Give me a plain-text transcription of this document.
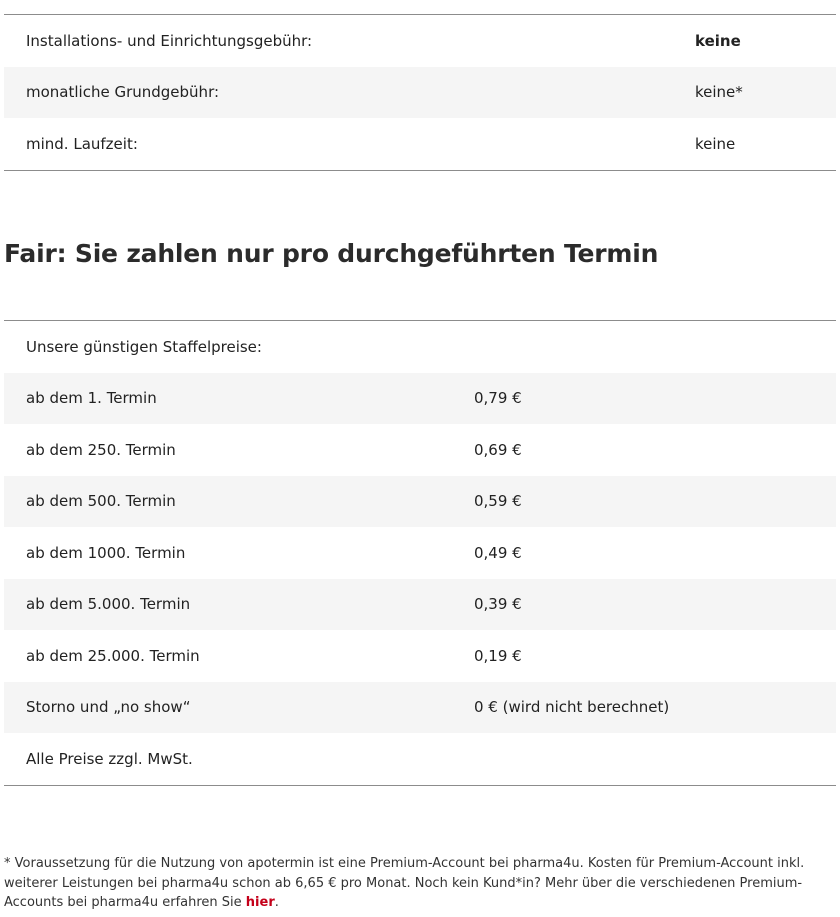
Installations- und Einrichtungsgebühr:	keine
monatliche Grundgebühr:	keine*
mind. Laufzeit:	keine
Fair: Sie zahlen nur pro durchgeführten Termin
Unsere günstigen Staffelpreise:	
ab dem 1. Termin	0,79 €
ab dem 250. Termin	0,69 €
ab dem 500. Termin	0,59 €
ab dem 1000. Termin	0,49 €
ab dem 5.000. Termin	0,39 €
ab dem 25.000. Termin	0,19 €
Storno und „no show“	0 € (wird nicht berechnet)
Alle Preise zzgl. MwSt.	

* Voraussetzung für die Nutzung von apotermin ist eine Premium-Account bei pharma4u. Kosten für Premium-Account inkl. weiterer Leistungen bei pharma4u schon ab 6,65 € pro Monat. Noch kein Kund*in? Mehr über die verschiedenen Premium-Accounts bei pharma4u erfahren Sie hier.
